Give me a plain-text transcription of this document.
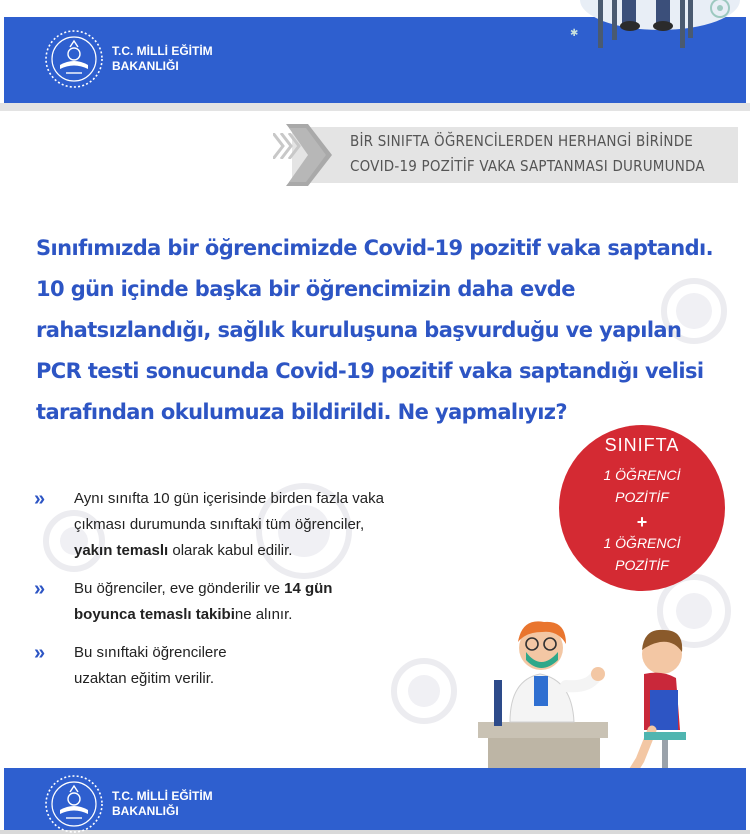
✱
T.C. MİLLİ EĞİTİM
BAKANLIĞI
BİR SINIFTA ÖĞRENCİLERDEN HERHANGİ BİRİNDE
COVID-19 POZİTİF VAKA SAPTANMASI DURUMUNDA
Sınıfımızda bir öğrencimizde Covid-19 pozitif vaka saptandı.
10 gün içinde başka bir öğrencimizin daha evde
rahatsızlandığı, sağlık kuruluşuna başvurduğu ve yapılan
PCR testi sonucunda Covid-19 pozitif vaka saptandığı velisi
tarafından okulumuza bildirildi. Ne yapmalıyız?
SINIFTA
1 ÖĞRENCİ
POZİTİF
+
1 ÖĞRENCİ
POZİTİF
» Aynı sınıfta 10 gün içerisinde birden fazla vaka
çıkması durumunda sınıftaki tüm öğrenciler,
yakın temaslı olarak kabul edilir.
» Bu öğrenciler, eve gönderilir ve 14 gün
boyunca temaslı takibine alınır.
» Bu sınıftaki öğrencilere
uzaktan eğitim verilir.
T.C. MİLLİ EĞİTİM
BAKANLIĞI
